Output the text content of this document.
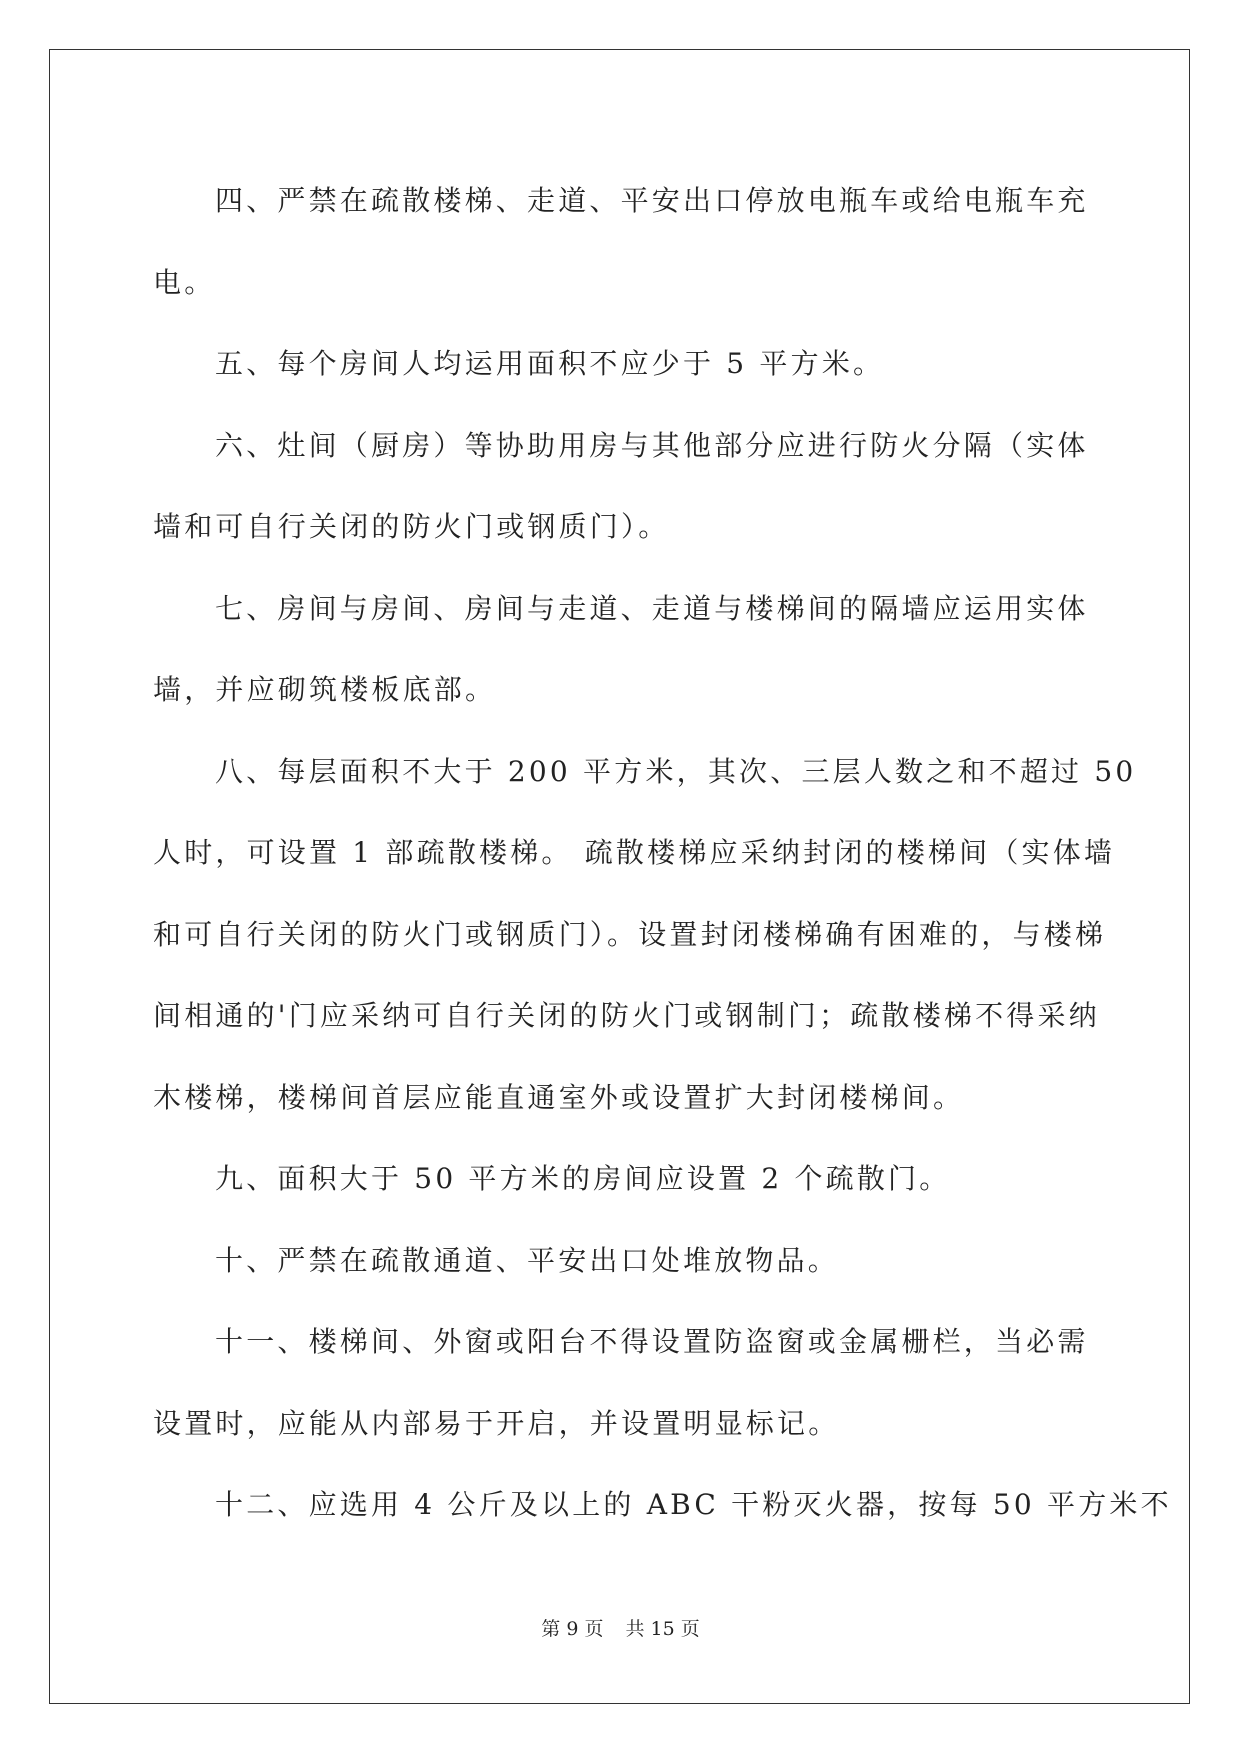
四、严禁在疏散楼梯、走道、平安出口停放电瓶车或给电瓶车充
电。
五、每个房间人均运用面积不应少于 5 平方米。
六、灶间（厨房）等协助用房与其他部分应进行防火分隔（实体
墙和可自行关闭的防火门或钢质门）。
七、房间与房间、房间与走道、走道与楼梯间的隔墙应运用实体
墙，并应砌筑楼板底部。
八、每层面积不大于 200 平方米，其次、三层人数之和不超过 50
人时，可设置 1 部疏散楼梯。 疏散楼梯应采纳封闭的楼梯间（实体墙
和可自行关闭的防火门或钢质门）。设置封闭楼梯确有困难的，与楼梯
间相通的'门应采纳可自行关闭的防火门或钢制门；疏散楼梯不得采纳
木楼梯，楼梯间首层应能直通室外或设置扩大封闭楼梯间。
九、面积大于 50 平方米的房间应设置 2 个疏散门。
十、严禁在疏散通道、平安出口处堆放物品。
十一、楼梯间、外窗或阳台不得设置防盗窗或金属栅栏，当必需
设置时，应能从内部易于开启，并设置明显标记。
十二、应选用 4 公斤及以上的 ABC 干粉灭火器，按每 50 平方米不
第 9 页 共 15 页
